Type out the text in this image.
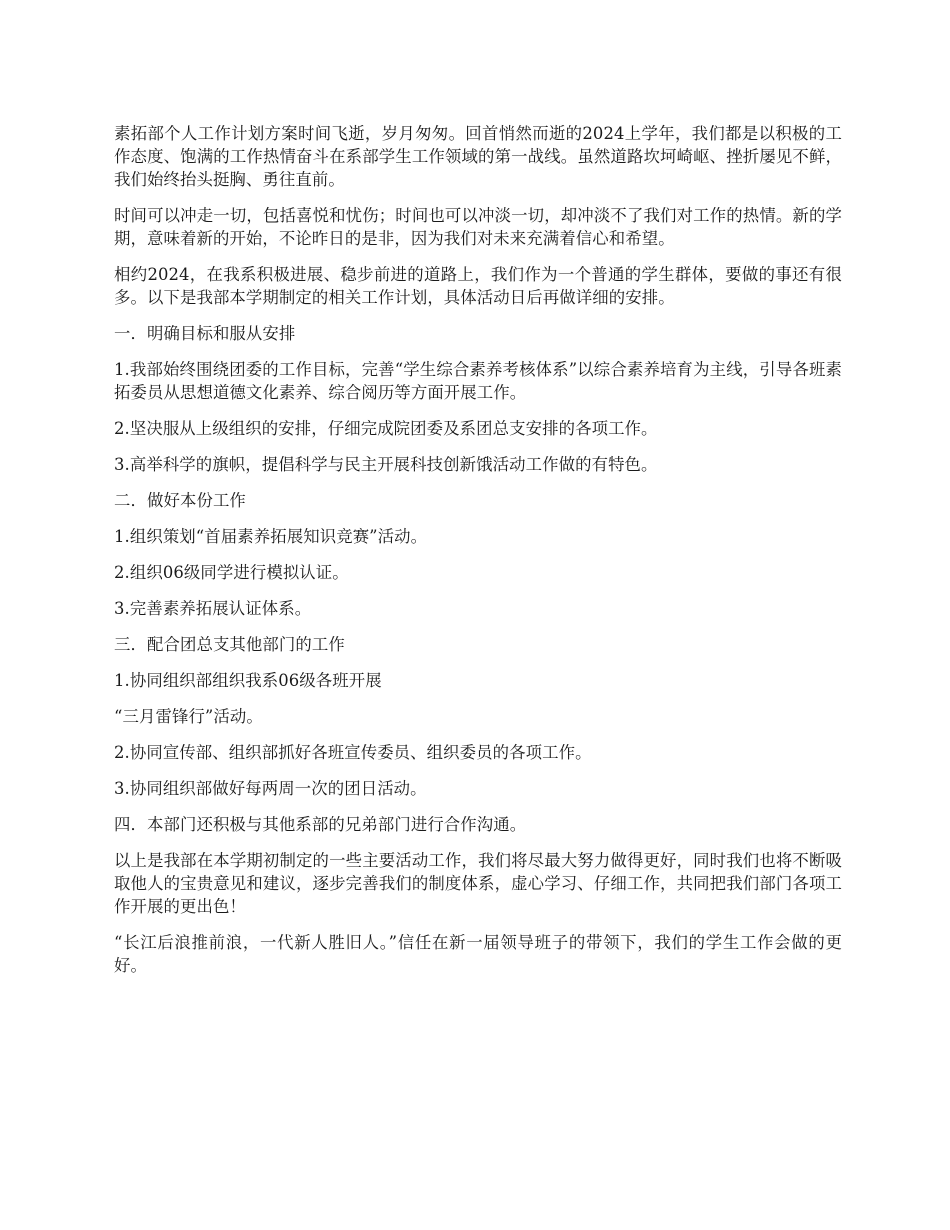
素拓部个人工作计划方案时间飞逝，岁月匆匆。回首悄然而逝的2024上学年，我们都是以积极的工作态度、饱满的工作热情奋斗在系部学生工作领域的第一战线。虽然道路坎坷崎岖、挫折屡见不鲜，我们始终抬头挺胸、勇往直前。

时间可以冲走一切，包括喜悦和忧伤；时间也可以冲淡一切，却冲淡不了我们对工作的热情。新的学期，意味着新的开始，不论昨日的是非，因为我们对未来充满着信心和希望。

相约2024，在我系积极进展、稳步前进的道路上，我们作为一个普通的学生群体，要做的事还有很多。以下是我部本学期制定的相关工作计划，具体活动日后再做详细的安排。

一．明确目标和服从安排

1.我部始终围绕团委的工作目标，完善“学生综合素养考核体系”以综合素养培育为主线，引导各班素拓委员从思想道德文化素养、综合阅历等方面开展工作。

2.坚决服从上级组织的安排，仔细完成院团委及系团总支安排的各项工作。

3.高举科学的旗帜，提倡科学与民主开展科技创新饿活动工作做的有特色。

二．做好本份工作

1.组织策划“首届素养拓展知识竞赛”活动。

2.组织06级同学进行模拟认证。

3.完善素养拓展认证体系。

三．配合团总支其他部门的工作

1.协同组织部组织我系06级各班开展

“三月雷锋行”活动。

2.协同宣传部、组织部抓好各班宣传委员、组织委员的各项工作。

3.协同组织部做好每两周一次的团日活动。

四．本部门还积极与其他系部的兄弟部门进行合作沟通。

以上是我部在本学期初制定的一些主要活动工作，我们将尽最大努力做得更好，同时我们也将不断吸取他人的宝贵意见和建议，逐步完善我们的制度体系，虚心学习、仔细工作，共同把我们部门各项工作开展的更出色！

“长江后浪推前浪，一代新人胜旧人。”信任在新一届领导班子的带领下，我们的学生工作会做的更好。
